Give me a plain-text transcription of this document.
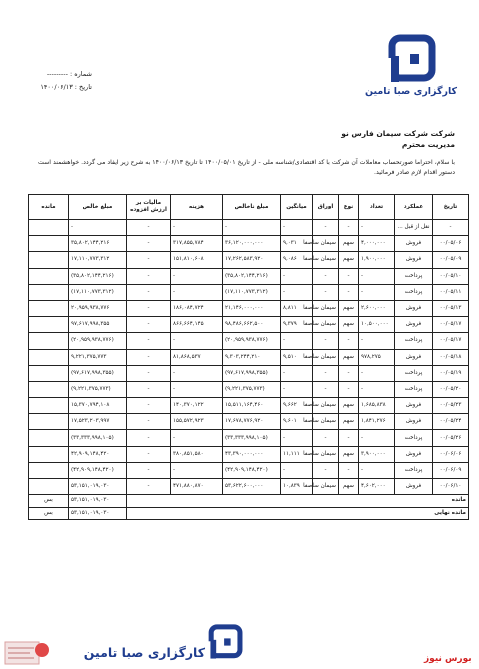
کارگزاری صبا تامین
شماره : ---------
تاریخ : ۱۴۰۰/۰۶/۱۳
شرکت شرکت سیمان فارس نو
مدیریت محترم
با سلام، احتراما صورتحساب معاملات آن شرکت با کد اقتصادی/شناسه ملی - از تاریخ ۱۴۰۰/۰۵/۰۱ تا تاریخ ۱۴۰۰/۰۶/۱۳ به شرح زیر ایفاد می گردد. خواهشمند است دستور اقدام لازم صادر فرمائید.
تاریخ	عملکرد	تعداد	نوع	اوراق	میانگین	مبلغ ناخالص	هزینه	مالیات بر ارزش افزوده	مبلغ خالص	مانده
-	نقل از قبل ...	-	-	-	-	-	-	-	-	
۰۰/۰۵/۰۶	فروش	۴,۰۰۰,۰۰۰	سهم	سیمان ساصفا	۹,۰۳۱	۳۶,۱۲۰,۰۰۰,۰۰۰	۳۱۷,۸۵۵,۷۸۴	-	۳۵,۸۰۲,۱۴۴,۲۱۶	
۰۰/۰۵/۰۹	فروش	۱,۹۰۰,۰۰۰	سهم	سیمان ساصفا	۹,۰۸۶	۱۷,۲۶۲,۵۸۳,۹۲۰	۱۵۱,۸۱۰,۶۰۸	-	۱۷,۱۱۰,۷۷۳,۳۱۲	
۰۰/۰۵/۱۰	پرداخت	-	-	-	-	(۳۵,۸۰۲,۱۴۴,۲۱۶)	-	-	(۳۵,۸۰۲,۱۴۴,۲۱۶)	
۰۰/۰۵/۱۱	پرداخت	-	-	-	-	(۱۷,۱۱۰,۷۷۳,۳۱۲)	-	-	(۱۷,۱۱۰,۷۷۳,۳۱۲)	
۰۰/۰۵/۱۳	فروش	۲,۶۰۰,۰۰۰	سهم	سیمان ساصفا	۸,۸۱۱	۲۱,۱۴۶,۰۰۰,۰۰۰	۱۸۶,۰۸۴,۷۲۴	-	۲۰,۹۵۹,۹۳۸,۷۷۶	
۰۰/۰۵/۱۷	فروش	۱۰,۵۰۰,۰۰۰	سهم	سیمان ساصفا	۹,۳۷۹	۹۸,۴۸۶,۶۶۲,۵۰۰	۸۶۶,۶۶۴,۱۴۵	-	۹۷,۶۱۷,۹۹۸,۳۵۵	
۰۰/۰۵/۱۷	پرداخت	-	-	-	-	(۲۰,۹۵۹,۹۳۸,۷۷۶)	-	-	(۲۰,۹۵۹,۹۳۸,۷۷۶)	
۰۰/۰۵/۱۸	فروش	۹۷۸,۲۷۵	سهم	سیمان ساصفا	۹,۵۱۰	۹,۳۰۳,۲۴۴,۲۱۰	۸۱,۸۶۸,۵۳۷	-	۹,۲۲۱,۳۷۵,۷۷۳	
۰۰/۰۵/۱۹	پرداخت	-	-	-	-	(۹۷,۶۱۷,۹۹۸,۳۵۵)	-	-	(۹۷,۶۱۷,۹۹۸,۳۵۵)	
۰۰/۰۵/۲۰	پرداخت	-	-	-	-	(۹,۲۲۱,۳۷۵,۷۷۳)	-	-	(۹,۲۲۱,۳۷۵,۷۷۳)	
۰۰/۰۵/۲۳	فروش	۱,۶۸۵,۸۳۸	سهم	سیمان ساصفا	۹,۶۶۲	۱۵,۵۱۱,۱۶۴,۴۶۰	۱۴۰,۳۷۰,۱۲۲	-	۱۵,۳۷۰,۷۹۴,۱۰۸	
۰۰/۰۵/۲۴	فروش	۱,۸۴۱,۲۷۶	سهم	سیمان ساصفا	۹,۶۰۱	۱۷,۶۷۸,۷۷۶,۹۲۰	۱۵۵,۵۷۲,۹۲۳	-	۱۷,۵۲۳,۲۰۳,۹۹۷	
۰۰/۰۵/۲۶	پرداخت	-	-	-	-	(۳۳,۳۳۳,۹۹۸,۱۰۵)	-	-	(۳۳,۳۳۳,۹۹۸,۱۰۵)	
۰۰/۰۶/۰۶	فروش	۳,۹۰۰,۰۰۰	سهم	سیمان ساصفا	۱۱,۱۱۱	۴۳,۳۹۰,۰۰۰,۰۰۰	۳۸۰,۸۵۱,۵۸۰	-	۴۲,۹۰۹,۱۴۸,۴۲۰	
۰۰/۰۶/۰۹	پرداخت	-	-	-	-	(۴۲,۹۰۹,۱۴۸,۴۲۰)	-	-	(۴۲,۹۰۹,۱۴۸,۴۲۰)	
۰۰/۰۶/۱۰	فروش	۴,۶۰۲,۰۰۰	سهم	سیمان ساصفا	۱۰,۸۳۹	۵۳,۶۲۲,۶۰۰,۰۰۰	۴۷۱,۸۸۰,۸۷۰	-	۵۳,۱۵۱,۰۱۹,۰۳۰	
مانده									۵۳,۱۵۱,۰۱۹,۰۳۰	بس
مانده نهایی									۵۳,۱۵۱,۰۱۹,۰۳۰	بس
کارگزاری صبا تامین	بورس نیوز
